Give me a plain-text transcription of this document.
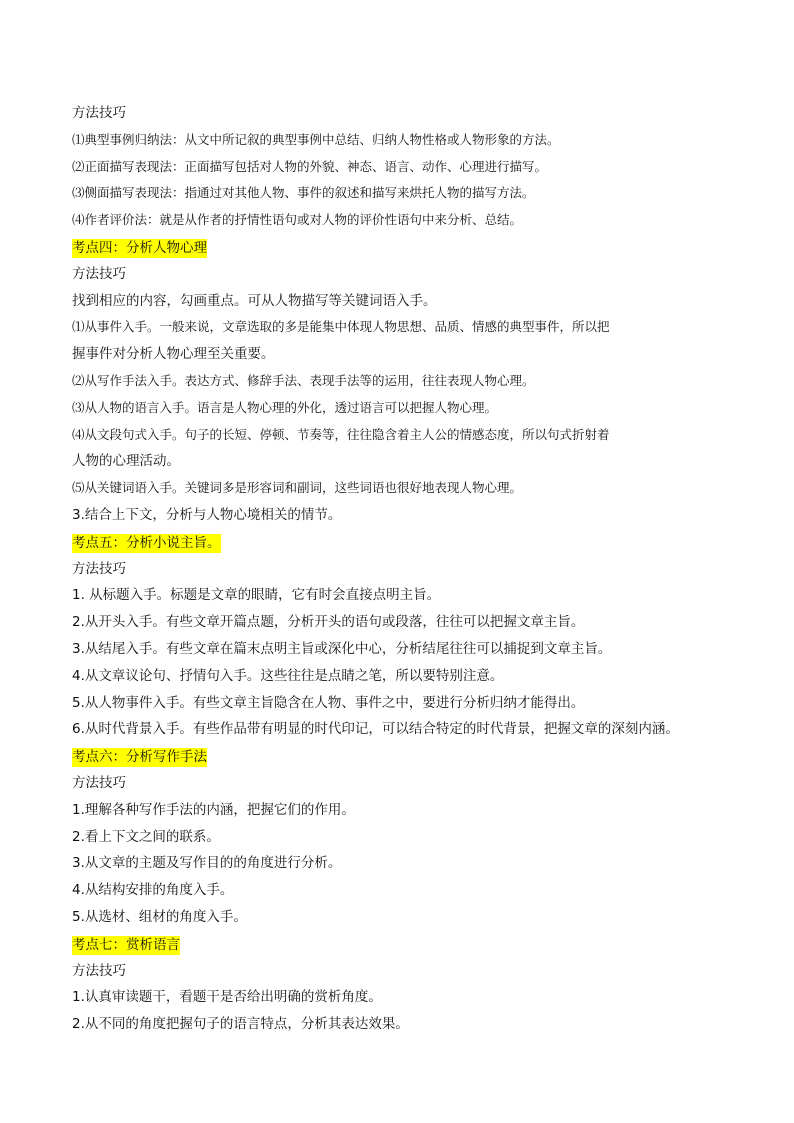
方法技巧
⑴典型事例归纳法：从文中所记叙的典型事例中总结、归纳人物性格或人物形象的方法。
⑵正面描写表现法：正面描写包括对人物的外貌、神态、语言、动作、心理进行描写。
⑶侧面描写表现法：指通过对其他人物、事件的叙述和描写来烘托人物的描写方法。
⑷作者评价法：就是从作者的抒情性语句或对人物的评价性语句中来分析、总结。
考点四：分析人物心理
方法技巧
找到相应的内容，勾画重点。可从人物描写等关键词语入手。
⑴从事件入手。一般来说，文章选取的多是能集中体现人物思想、品质、情感的典型事件，所以把
握事件对分析人物心理至关重要。
⑵从写作手法入手。表达方式、修辞手法、表现手法等的运用，往往表现人物心理。
⑶从人物的语言入手。语言是人物心理的外化，透过语言可以把握人物心理。
⑷从文段句式入手。句子的长短、停顿、节奏等，往往隐含着主人公的情感态度，所以句式折射着
人物的心理活动。
⑸从关键词语入手。关键词多是形容词和副词，这些词语也很好地表现人物心理。
3.结合上下文，分析与人物心境相关的情节。
考点五：分析小说主旨。
方法技巧
1. 从标题入手。标题是文章的眼睛，它有时会直接点明主旨。
2.从开头入手。有些文章开篇点题，分析开头的语句或段落，往往可以把握文章主旨。
3.从结尾入手。有些文章在篇末点明主旨或深化中心，分析结尾往往可以捕捉到文章主旨。
4.从文章议论句、抒情句入手。这些往往是点睛之笔，所以要特别注意。
5.从人物事件入手。有些文章主旨隐含在人物、事件之中，要进行分析归纳才能得出。
6.从时代背景入手。有些作品带有明显的时代印记，可以结合特定的时代背景，把握文章的深刻内涵。
考点六：分析写作手法
方法技巧
1.理解各种写作手法的内涵，把握它们的作用。
2.看上下文之间的联系。
3.从文章的主题及写作目的的角度进行分析。
4.从结构安排的角度入手。
5.从选材、组材的角度入手。
考点七：赏析语言
方法技巧
1.认真审读题干，看题干是否给出明确的赏析角度。
2.从不同的角度把握句子的语言特点，分析其表达效果。
